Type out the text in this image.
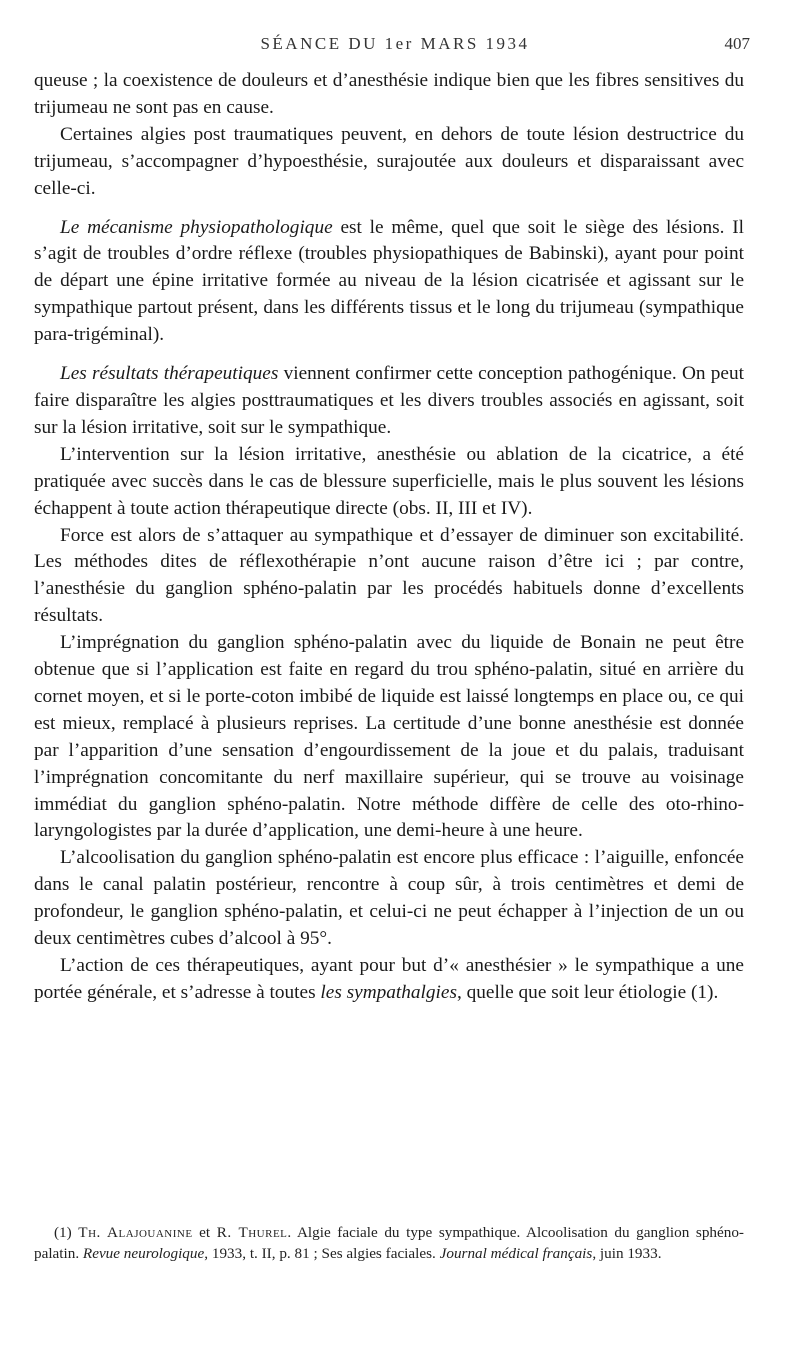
SÉANCE DU 1er MARS 1934	407

queuse ; la coexistence de douleurs et d’anesthésie indique bien que les fibres sensitives du trijumeau ne sont pas en cause.

Certaines algies post traumatiques peuvent, en dehors de toute lésion destructrice du trijumeau, s’accompagner d’hypoesthésie, surajoutée aux douleurs et disparaissant avec celle-ci.

Le mécanisme physiopathologique est le même, quel que soit le siège des lésions. Il s’agit de troubles d’ordre réflexe (troubles physiopathiques de Babinski), ayant pour point de départ une épine irritative formée au niveau de la lésion cicatrisée et agissant sur le sympathique partout présent, dans les différents tissus et le long du trijumeau (sympathique para-trigéminal).

Les résultats thérapeutiques viennent confirmer cette conception pathogénique. On peut faire disparaître les algies posttraumatiques et les divers troubles associés en agissant, soit sur la lésion irritative, soit sur le sympathique.

L’intervention sur la lésion irritative, anesthésie ou ablation de la cicatrice, a été pratiquée avec succès dans le cas de blessure superficielle, mais le plus souvent les lésions échappent à toute action thérapeutique directe (obs. II, III et IV).

Force est alors de s’attaquer au sympathique et d’essayer de diminuer son excitabilité. Les méthodes dites de réflexothérapie n’ont aucune raison d’être ici ; par contre, l’anesthésie du ganglion sphéno-palatin par les procédés habituels donne d’excellents résultats.

L’imprégnation du ganglion sphéno-palatin avec du liquide de Bonain ne peut être obtenue que si l’application est faite en regard du trou sphéno-palatin, situé en arrière du cornet moyen, et si le porte-coton imbibé de liquide est laissé longtemps en place ou, ce qui est mieux, remplacé à plusieurs reprises. La certitude d’une bonne anesthésie est donnée par l’apparition d’une sensation d’engourdissement de la joue et du palais, traduisant l’imprégnation concomitante du nerf maxillaire supérieur, qui se trouve au voisinage immédiat du ganglion sphéno-palatin. Notre méthode diffère de celle des oto-rhino-laryngologistes par la durée d’application, une demi-heure à une heure.

L’alcoolisation du ganglion sphéno-palatin est encore plus efficace : l’aiguille, enfoncée dans le canal palatin postérieur, rencontre à coup sûr, à trois centimètres et demi de profondeur, le ganglion sphéno-palatin, et celui-ci ne peut échapper à l’injection de un ou deux centimètres cubes d’alcool à 95°.

L’action de ces thérapeutiques, ayant pour but d’« anesthésier » le sympathique a une portée générale, et s’adresse à toutes les sympathalgies, quelle que soit leur étiologie (1).

(1) Th. Alajouanine et R. Thurel. Algie faciale du type sympathique. Alcoolisation du ganglion sphéno-palatin. Revue neurologique, 1933, t. II, p. 81 ; Ses algies faciales. Journal médical français, juin 1933.
